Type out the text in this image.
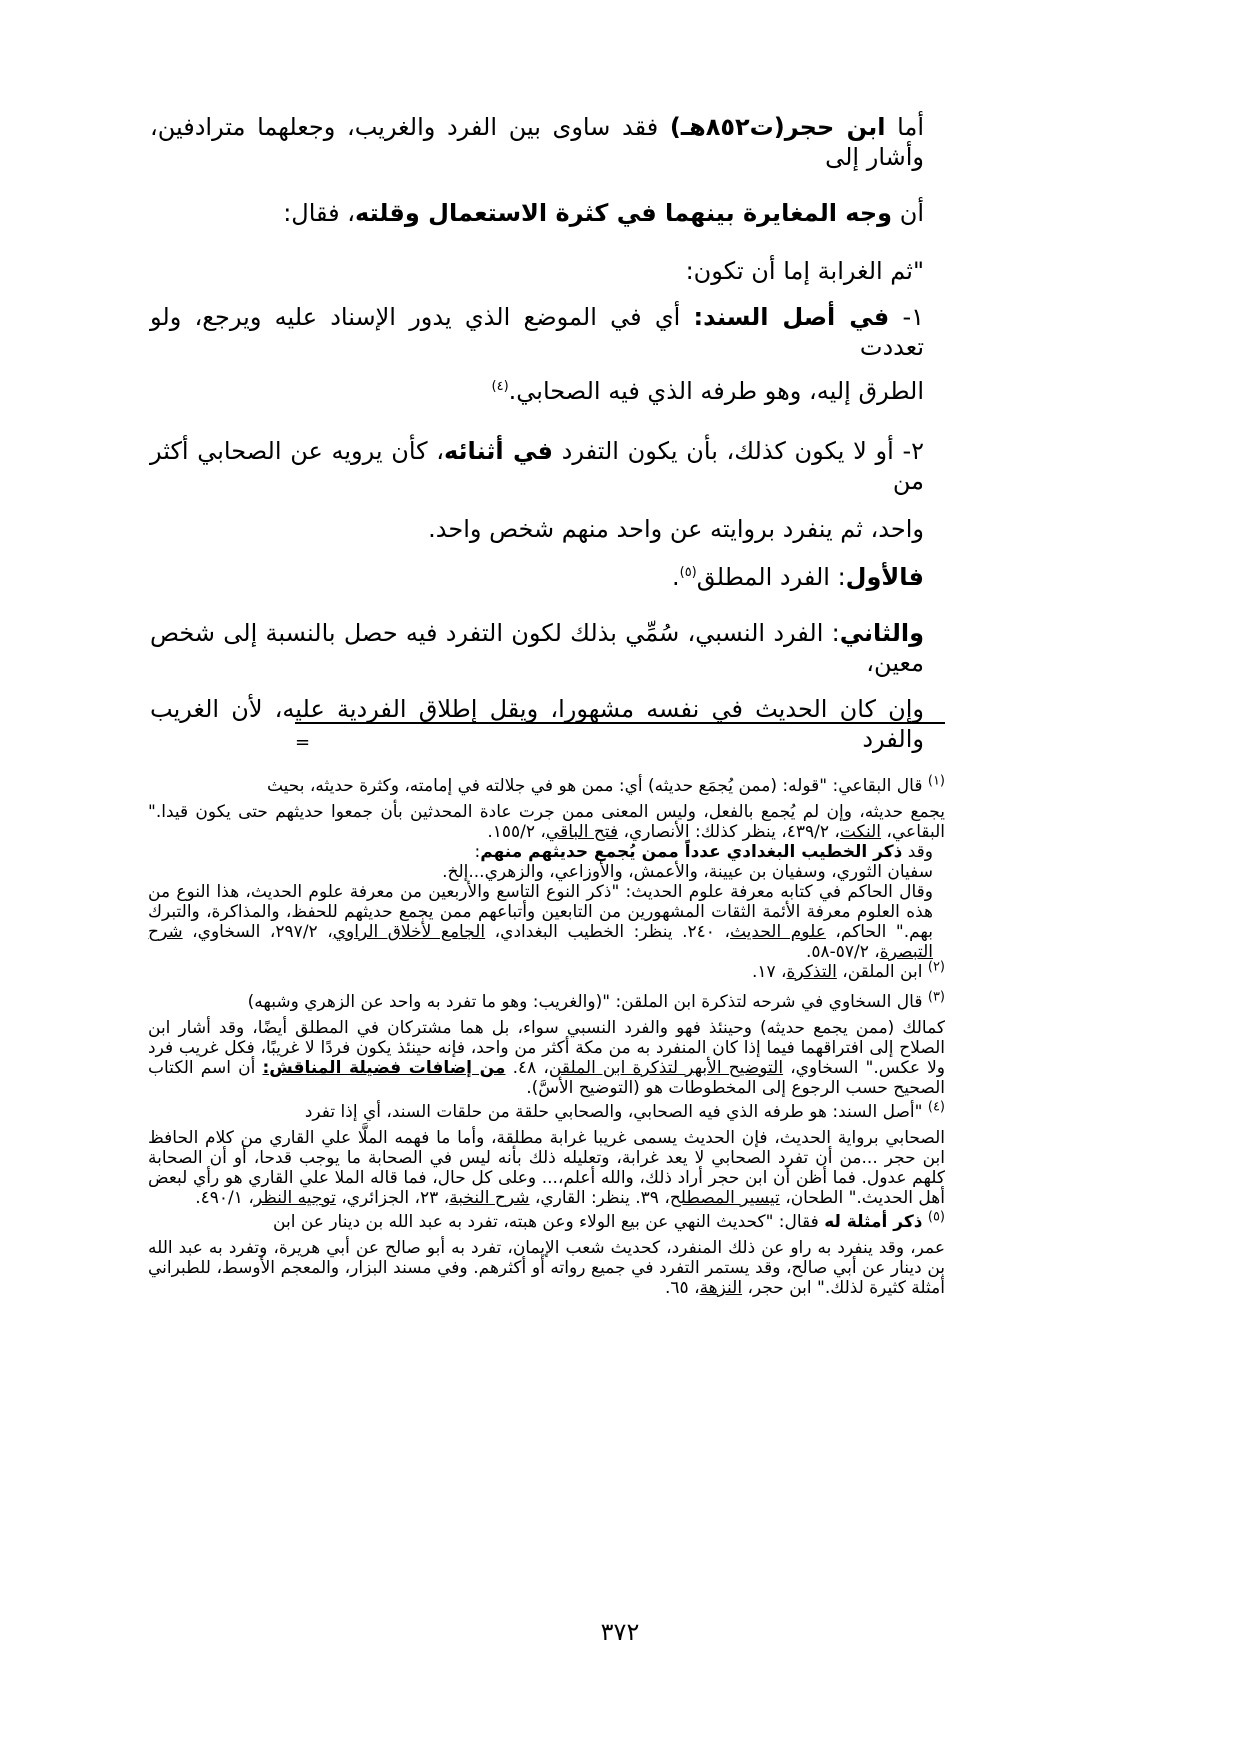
أما ابن حجر(ت٨٥٢هـ) فقد ساوى بين الفرد والغريب، وجعلهما مترادفين، وأشار إلى

أن وجه المغايرة بينهما في كثرة الاستعمال وقلته، فقال:

"ثم الغرابة إما أن تكون:

١- في أصل السند: أي في الموضع الذي يدور الإسناد عليه ويرجع، ولو تعددت

الطرق إليه، وهو طرفه الذي فيه الصحابي.$^{(٤)}$

٢- أو لا يكون كذلك، بأن يكون التفرد في أثنائه، كأن يرويه عن الصحابي أكثر من

واحد، ثم ينفرد بروايته عن واحد منهم شخص واحد.

فالأول: الفرد المطلق$^{(٥)}$.

والثاني: الفرد النسبي، سُمِّي بذلك لكون التفرد فيه حصل بالنسبة إلى شخص معين،

وإن كان الحديث في نفسه مشهورا، ويقل إطلاق الفردية عليه، لأن الغريب والفرد

=

$^{(١)}$ قال البقاعي: "قوله: (ممن يُجمَع حديثه) أي: ممن هو في جلالته في إمامته، وكثرة حديثه، بحيث

يجمع حديثه، وإن لم يُجمع بالفعل، وليس المعنى ممن جرت عادة المحدثين بأن جمعوا حديثهم حتى يكون قيدا." البقاعي، النكت، ٤٣٩/٢، ينظر كذلك: الأنصاري، فتح الباقي، ١٥٥/٢.

وقد ذكر الخطيب البغدادي عدداً ممن يُجمع حديثهم منهم:

سفيان الثوري، وسفيان بن عيينة، والأعمش، والأوزاعي، والزهري...إلخ.

وقال الحاكم في كتابه معرفة علوم الحديث: "ذكر النوع التاسع والأربعين من معرفة علوم الحديث، هذا النوع من هذه العلوم معرفة الأئمة الثقات المشهورين من التابعين وأتباعهم ممن يجمع حديثهم للحفظ، والمذاكرة، والتبرك بهم." الحاكم، علوم الحديث، ٢٤٠. ينظر: الخطيب البغدادي، الجامع لأخلاق الراوي، ٢٩٧/٢، السخاوي، شرح التبصرة، ٥٧/٢-٥٨.

$^{(٢)}$ ابن الملقن، التذكرة، ١٧.

$^{(٣)}$ قال السخاوي في شرحه لتذكرة ابن الملقن: "(والغريب: وهو ما تفرد به واحد عن الزهري وشبهه)

كمالك (ممن يجمع حديثه) وحينئذ فهو والفرد النسبي سواء، بل هما مشتركان في المطلق أيضًا، وقد أشار ابن الصلاح إلى افتراقهما فيما إذا كان المنفرد به من مكة أكثر من واحد، فإنه حينئذ يكون فردًا لا غريبًا، فكل غريب فرد ولا عكس." السخاوي، التوضيح الأبهر لتذكرة ابن الملقن، ٤٨. من إضافات فضيلة المناقش: أن اسم الكتاب الصحيح حسب الرجوع إلى المخطوطات هو (التوضيح الأسَّ).

$^{(٤)}$ "أصل السند: هو طرفه الذي فيه الصحابي، والصحابي حلقة من حلقات السند، أي إذا تفرد

الصحابي برواية الحديث، فإن الحديث يسمى غريبا غرابة مطلقة، وأما ما فهمه الملَّا علي القاري من كلام الحافظ ابن حجر ...من أن تفرد الصحابي لا يعد غرابة، وتعليله ذلك بأنه ليس في الصحابة ما يوجب قدحا، أو أن الصحابة كلهم عدول. فما أظن أن ابن حجر أراد ذلك، والله أعلم،... وعلى كل حال، فما قاله الملا علي القاري هو رأي لبعض أهل الحديث." الطحان، تيسير المصطلح، ٣٩. ينظر: القاري، شرح النخبة، ٢٣، الجزائري، توجيه النظر، ٤٩٠/١.

$^{(٥)}$ ذكر أمثلة له فقال: "كحديث النهي عن بيع الولاء وعن هبته، تفرد به عبد الله بن دينار عن ابن

عمر، وقد ينفرد به راو عن ذلك المنفرد، كحديث شعب الإيمان، تفرد به أبو صالح عن أبي هريرة، وتفرد به عبد الله بن دينار عن أبي صالح، وقد يستمر التفرد في جميع رواته أو أكثرهم. وفي مسند البزار، والمعجم الأوسط، للطبراني أمثلة كثيرة لذلك." ابن حجر، النزهة، ٦٥.

٣٧٢
